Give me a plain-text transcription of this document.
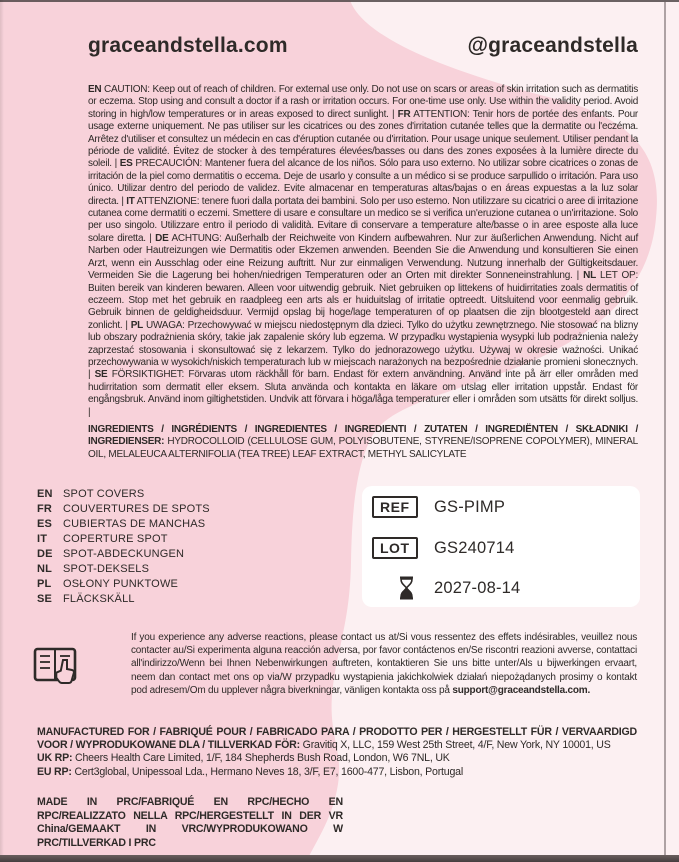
graceandstella.com	@graceandstella
EN CAUTION: Keep out of reach of children. For external use only. Do not use on scars or areas of skin irritation such as dermatitis or eczema. Stop using and consult a doctor if a rash or irritation occurs. For one-time use only. Use within the validity period. Avoid storing in high/low temperatures or in areas exposed to direct sunlight. | FR ATTENTION: Tenir hors de portée des enfants. Pour usage externe uniquement. Ne pas utiliser sur les cicatrices ou des zones d'irritation cutanée telles que la dermatite ou l'eczéma. Arrêtez d'utiliser et consultez un médecin en cas d'éruption cutanée ou d'irritation. Pour usage unique seulement. Utiliser pendant la période de validité. Évitez de stocker à des températures élevées/basses ou dans des zones exposées à la lumière directe du soleil. | ES PRECAUCIÓN: Mantener fuera del alcance de los niños. Sólo para uso externo. No utilizar sobre cicatrices o zonas de irritación de la piel como dermatitis o eccema. Deje de usarlo y consulte a un médico si se produce sarpullido o irritación. Para uso único. Utilizar dentro del periodo de validez. Evite almacenar en temperaturas altas/bajas o en áreas expuestas a la luz solar directa. | IT ATTENZIONE: tenere fuori dalla portata dei bambini. Solo per uso esterno. Non utilizzare su cicatrici o aree di irritazione cutanea come dermatiti o eczemi. Smettere di usare e consultare un medico se si verifica un'eruzione cutanea o un'irritazione. Solo per uso singolo. Utilizzare entro il periodo di validità. Evitare di conservare a temperature alte/basse o in aree esposte alla luce solare diretta. | DE ACHTUNG: Außerhalb der Reichweite von Kindern aufbewahren. Nur zur äußerlichen Anwendung. Nicht auf Narben oder Hautreizungen wie Dermatitis oder Ekzemen anwenden. Beenden Sie die Anwendung und konsultieren Sie einen Arzt, wenn ein Ausschlag oder eine Reizung auftritt. Nur zur einmaligen Verwendung. Nutzung innerhalb der Gültigkeitsdauer. Vermeiden Sie die Lagerung bei hohen/niedrigen Temperaturen oder an Orten mit direkter Sonneneinstrahlung. | NL LET OP: Buiten bereik van kinderen bewaren. Alleen voor uitwendig gebruik. Niet gebruiken op littekens of huidirritaties zoals dermatitis of eczeem. Stop met het gebruik en raadpleeg een arts als er huiduitslag of irritatie optreedt. Uitsluitend voor eenmalig gebruik. Gebruik binnen de geldigheidsduur. Vermijd opslag bij hoge/lage temperaturen of op plaatsen die zijn blootgesteld aan direct zonlicht. | PL UWAGA: Przechowywać w miejscu niedostępnym dla dzieci. Tylko do użytku zewnętrznego. Nie stosować na blizny lub obszary podrażnienia skóry, takie jak zapalenie skóry lub egzema. W przypadku wystąpienia wysypki lub podrażnienia należy zaprzestać stosowania i skonsultować się z lekarzem. Tylko do jednorazowego użytku. Używaj w okresie ważności. Unikać przechowywania w wysokich/niskich temperaturach lub w miejscach narażonych na bezpośrednie działanie promieni słonecznych. | SE FÖRSIKTIGHET: Förvaras utom räckhåll för barn. Endast för extern användning. Använd inte på ärr eller områden med hudirritation som dermatit eller eksem. Sluta använda och kontakta en läkare om utslag eller irritation uppstår. Endast för engångsbruk. Använd inom giltighetstiden. Undvik att förvara i höga/låga temperaturer eller i områden som utsätts för direkt solljus. |
INGREDIENTS / INGRÉDIENTS / INGREDIENTES / INGREDIENTI / ZUTATEN / INGREDIËNTEN / SKŁADNIKI / INGREDIENSER: HYDROCOLLOID (CELLULOSE GUM, POLYISOBUTENE, STYRENE/ISOPRENE COPOLYMER), MINERAL OIL, MELALEUCA ALTERNIFOLIA (TEA TREE) LEAF EXTRACT, METHYL SALICYLATE
EN SPOT COVERS
FR COUVERTURES DE SPOTS
ES CUBIERTAS DE MANCHAS
IT	COPERTURE SPOT
DE SPOT-ABDECKUNGEN
NL SPOT-DEKSELS
PL	OSŁONY PUNKTOWE
SE FLÄCKSKÄLL
REF	GS-PIMP
LOT	GS240714
2027-08-14
If you experience any adverse reactions, please contact us at/Si vous ressentez des effets indésirables, veuillez nous contacter au/Si experimenta alguna reacción adversa, por favor contáctenos en/Se riscontri reazioni avverse, contattaci all'indirizzo/Wenn bei Ihnen Nebenwirkungen auftreten, kontaktieren Sie uns bitte unter/Als u bijwerkingen ervaart, neem dan contact met ons op via/W przypadku wystąpienia jakichkolwiek działań niepożądanych prosimy o kontakt pod adresem/Om du upplever några biverkningar, vänligen kontakta oss på support@graceandstella.com.
MANUFACTURED FOR / FABRIQUÉ POUR / FABRICADO PARA / PRODOTTO PER / HERGESTELLT FÜR / VERVAARDIGD VOOR / WYPRODUKOWANE DLA / TILLVERKAD FÖR: Gravitiq X, LLC, 159 West 25th Street, 4/F, New York, NY 10001, US
UK RP: Cheers Health Care Limited, 1/F, 184 Shepherds Bush Road, London, W6 7NL, UK
EU RP: Cert3global, Unipessoal Lda., Hermano Neves 18, 3/F, E7, 1600-477, Lisbon, Portugal
MADE IN PRC/FABRIQUÉ EN RPC/HECHO EN RPC/REALIZZATO NELLA RPC/HERGESTELLT IN DER VR China/GEMAAKT IN VRC/WYPRODUKOWANO W PRC/TILLVERKAD I PRC
